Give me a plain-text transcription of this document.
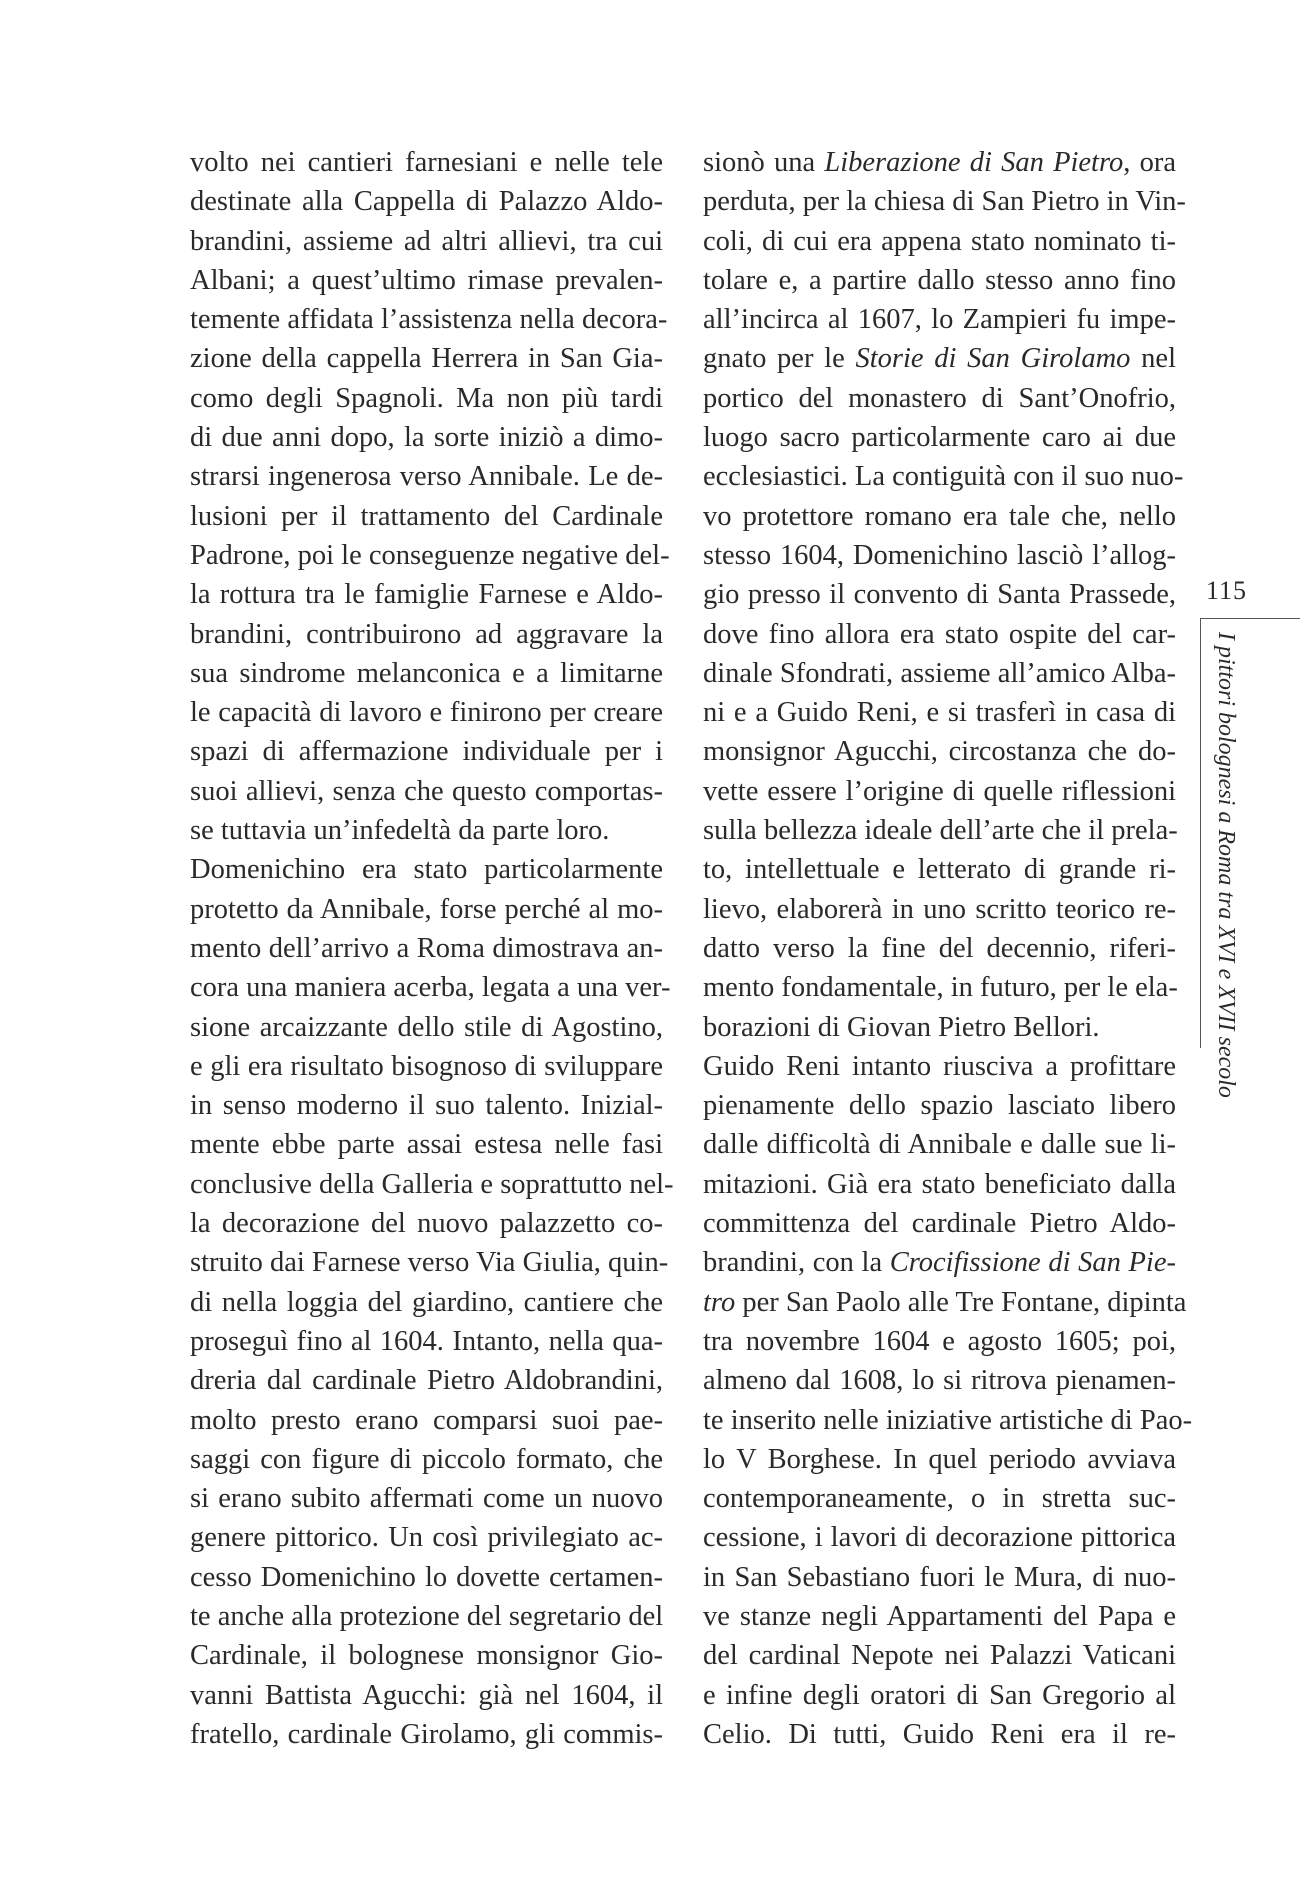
volto nei cantieri farnesiani e nelle tele
destinate alla Cappella di Palazzo Aldo-
brandini, assieme ad altri allievi, tra cui
Albani; a quest’ultimo rimase prevalen-
temente affidata l’assistenza nella decora-
zione della cappella Herrera in San Gia-
como degli Spagnoli. Ma non più tardi
di due anni dopo, la sorte iniziò a dimo-
strarsi ingenerosa verso Annibale. Le de-
lusioni per il trattamento del Cardinale
Padrone, poi le conseguenze negative del-
la rottura tra le famiglie Farnese e Aldo-
brandini, contribuirono ad aggravare la
sua sindrome melanconica e a limitarne
le capacità di lavoro e finirono per creare
spazi di affermazione individuale per i
suoi allievi, senza che questo comportas-
se tuttavia un’infedeltà da parte loro.
Domenichino era stato particolarmente
protetto da Annibale, forse perché al mo-
mento dell’arrivo a Roma dimostrava an-
cora una maniera acerba, legata a una ver-
sione arcaizzante dello stile di Agostino,
e gli era risultato bisognoso di sviluppare
in senso moderno il suo talento. Inizial-
mente ebbe parte assai estesa nelle fasi
conclusive della Galleria e soprattutto nel-
la decorazione del nuovo palazzetto co-
struito dai Farnese verso Via Giulia, quin-
di nella loggia del giardino, cantiere che
proseguì fino al 1604. Intanto, nella qua-
dreria dal cardinale Pietro Aldobrandini,
molto presto erano comparsi suoi pae-
saggi con figure di piccolo formato, che
si erano subito affermati come un nuovo
genere pittorico. Un così privilegiato ac-
cesso Domenichino lo dovette certamen-
te anche alla protezione del segretario del
Cardinale, il bolognese monsignor Gio-
vanni Battista Agucchi: già nel 1604, il
fratello, cardinale Girolamo, gli commis-
sionò una Liberazione di San Pietro, ora
perduta, per la chiesa di San Pietro in Vin-
coli, di cui era appena stato nominato ti-
tolare e, a partire dallo stesso anno fino
all’incirca al 1607, lo Zampieri fu impe-
gnato per le Storie di San Girolamo nel
portico del monastero di Sant’Onofrio,
luogo sacro particolarmente caro ai due
ecclesiastici. La contiguità con il suo nuo-
vo protettore romano era tale che, nello
stesso 1604, Domenichino lasciò l’allog-
gio presso il convento di Santa Prassede,
dove fino allora era stato ospite del car-
dinale Sfondrati, assieme all’amico Alba-
ni e a Guido Reni, e si trasferì in casa di
monsignor Agucchi, circostanza che do-
vette essere l’origine di quelle riflessioni
sulla bellezza ideale dell’arte che il prela-
to, intellettuale e letterato di grande ri-
lievo, elaborerà in uno scritto teorico re-
datto verso la fine del decennio, riferi-
mento fondamentale, in futuro, per le ela-
borazioni di Giovan Pietro Bellori.
Guido Reni intanto riusciva a profittare
pienamente dello spazio lasciato libero
dalle difficoltà di Annibale e dalle sue li-
mitazioni. Già era stato beneficiato dalla
committenza del cardinale Pietro Aldo-
brandini, con la Crocifissione di San Pie-
tro per San Paolo alle Tre Fontane, dipinta
tra novembre 1604 e agosto 1605; poi,
almeno dal 1608, lo si ritrova pienamen-
te inserito nelle iniziative artistiche di Pao-
lo V Borghese. In quel periodo avviava
contemporaneamente, o in stretta suc-
cessione, i lavori di decorazione pittorica
in San Sebastiano fuori le Mura, di nuo-
ve stanze negli Appartamenti del Papa e
del cardinal Nepote nei Palazzi Vaticani
e infine degli oratori di San Gregorio al
Celio. Di tutti, Guido Reni era il re-
115
I pittori bolognesi a Roma tra XVI e XVII secolo
